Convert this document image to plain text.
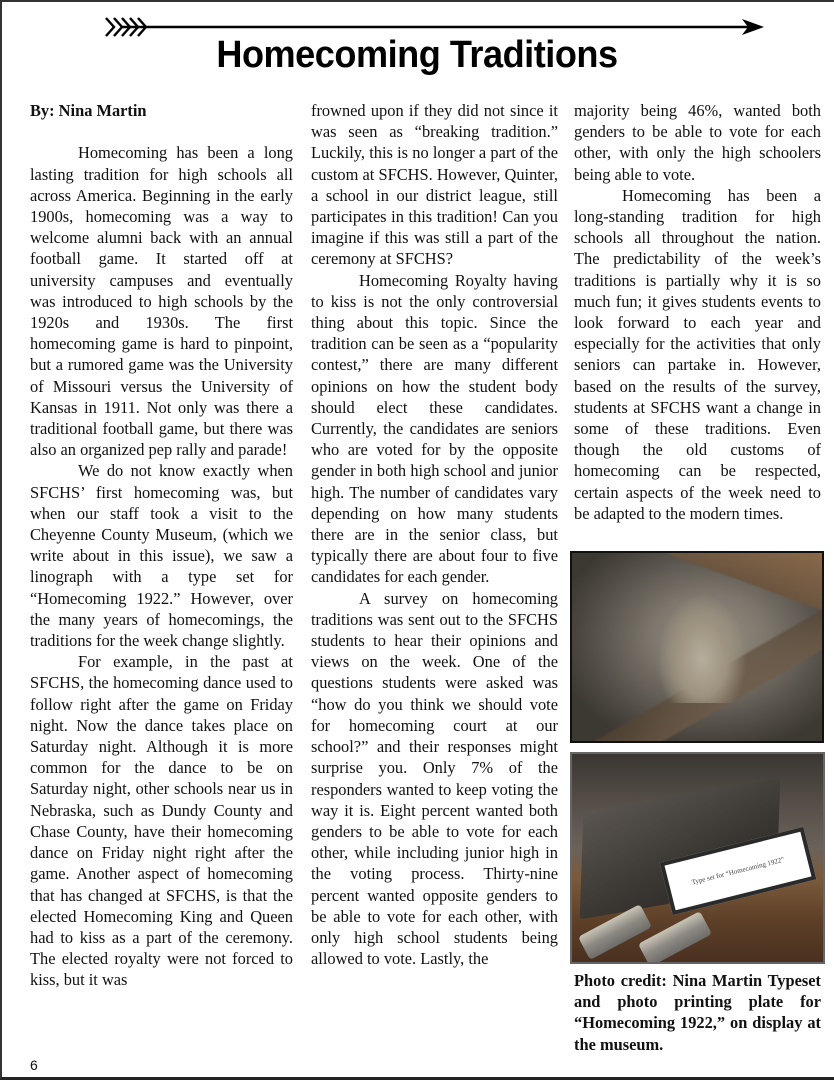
Homecoming Traditions

By: Nina Martin

Homecoming has been a long lasting tradition for high schools all across America. Beginning in the early 1900s, homecoming was a way to welcome alumni back with an annual football game. It started off at university campuses and eventually was introduced to high schools by the 1920s and 1930s. The first homecoming game is hard to pinpoint, but a rumored game was the University of Missouri versus the University of Kansas in 1911. Not only was there a traditional football game, but there was also an organized pep rally and parade!

We do not know exactly when SFCHS’ first homecoming was, but when our staff took a visit to the Cheyenne County Museum, (which we write about in this issue), we saw a linograph with a type set for “Homecoming 1922.” However, over the many years of homecomings, the traditions for the week change slightly.

For example, in the past at SFCHS, the homecoming dance used to follow right after the game on Friday night. Now the dance takes place on Saturday night. Although it is more common for the dance to be on Saturday night, other schools near us in Nebraska, such as Dundy County and Chase County, have their homecoming dance on Friday night right after the game. Another aspect of homecoming that has changed at SFCHS, is that the elected Homecoming King and Queen had to kiss as a part of the ceremony. The elected royalty were not forced to kiss, but it was

frowned upon if they did not since it was seen as “breaking tradition.” Luckily, this is no longer a part of the custom at SFCHS. However, Quinter, a school in our district league, still participates in this tradition! Can you imagine if this was still a part of the ceremony at SFCHS?

Homecoming Royalty having to kiss is not the only controversial thing about this topic. Since the tradition can be seen as a “popularity contest,” there are many different opinions on how the student body should elect these candidates. Currently, the candidates are seniors who are voted for by the opposite gender in both high school and junior high. The number of candidates vary depending on how many students there are in the senior class, but typically there are about four to five candidates for each gender.

A survey on homecoming traditions was sent out to the SFCHS students to hear their opinions and views on the week. One of the questions students were asked was “how do you think we should vote for homecoming court at our school?” and their responses might surprise you. Only 7% of the responders wanted to keep voting the way it is. Eight percent wanted both genders to be able to vote for each other, while including junior high in the voting process. Thirty-nine percent wanted opposite genders to be able to vote for each other, with only high school students being allowed to vote. Lastly, the

majority being 46%, wanted both genders to be able to vote for each other, with only the high schoolers being able to vote.

Homecoming has been a long-standing tradition for high schools all throughout the nation. The predictability of the week’s traditions is partially why it is so much fun; it gives students events to look forward to each year and especially for the activities that only seniors can partake in. However, based on the results of the survey, students at SFCHS want a change in some of these traditions. Even though the old customs of homecoming can be respected, certain aspects of the week need to be adapted to the modern times.

Type set for “Homecoming 1922”

Photo credit: Nina Martin Typeset and photo printing plate for “Homecoming 1922,” on display at the museum.

6
